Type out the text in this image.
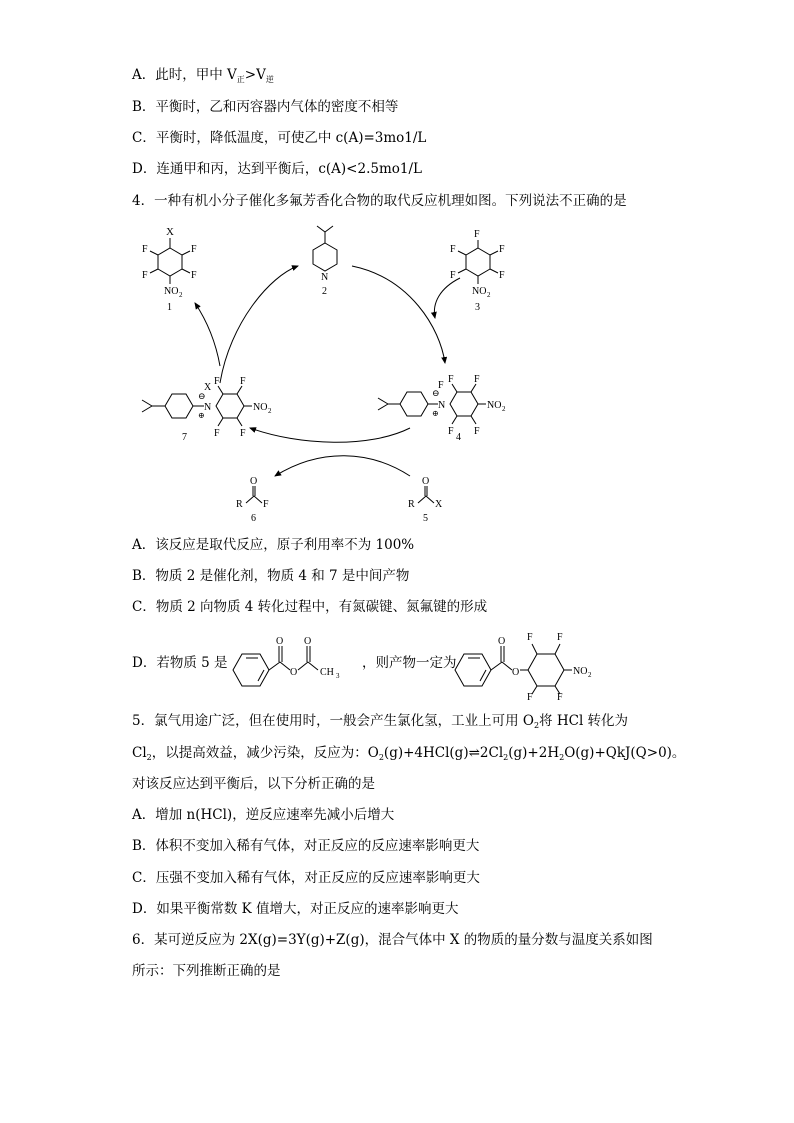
A．此时，甲中 $V_正>V_逆$
B．平衡时，乙和丙容器内气体的密度不相等
C．平衡时，降低温度，可使乙中 c(A)=3mo1/L
D．连通甲和丙，达到平衡后，c(A)<2.5mo1/L
4．一种有机小分子催化多氟芳香化合物的取代反应机理如图。下列说法不正确的是
X
F
F
F
F
NO 2
1
N
2
F
F
F
F
F
NO 2
3
N
⊕
X
⊖
F F
F F
NO 2
7
N
⊕
F
⊖
F F
F F
NO 2
4
R
O
F
6
R
O
X
5
A．该反应是取代反应，原子利用率不为 100%
B．物质 2 是催化剂，物质 4 和 7 是中间产物
C．物质 2 向物质 4 转化过程中，有氮碳键、氮氟键的形成
D．若物质 5 是
O
O
O
CH 3
，则产物一定为
O
O
F F
F F
NO 2
5．氯气用途广泛，但在使用时，一般会产生氯化氢，工业上可用 $O_2$将 HCl 转化为
$Cl_2$，以提高效益，减少污染，反应为：$O_2(g)+4HCl(g)\rightleftharpoons 2Cl_2(g)+2H_2O(g)+QkJ(Q>0)$。
对该反应达到平衡后，以下分析正确的是
A．增加 n(HCl)，逆反应速率先减小后增大
B．体积不变加入稀有气体，对正反应的反应速率影响更大
C．压强不变加入稀有气体，对正反应的反应速率影响更大
D．如果平衡常数 K 值增大，对正反应的速率影响更大
6．某可逆反应为 2X(g)=3Y(g)+Z(g)，混合气体中 X 的物质的量分数与温度关系如图
所示：下列推断正确的是
